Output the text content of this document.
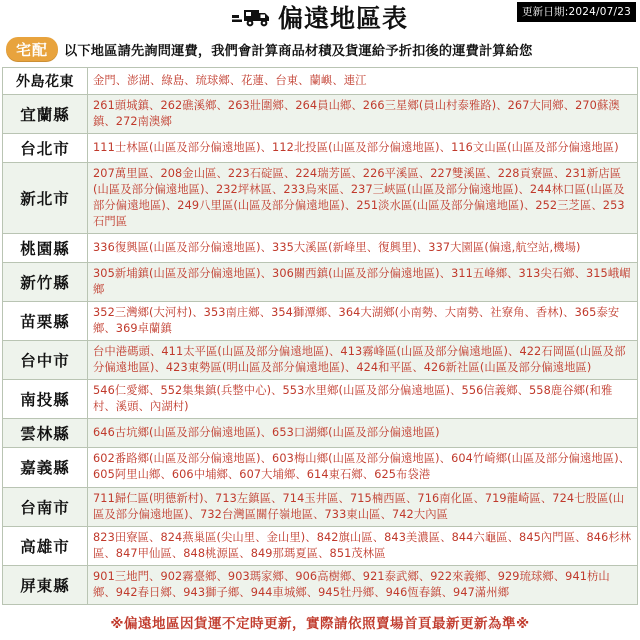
偏遠地區表	更新日期:2024/07/23
宅配	以下地區請先詢問運費，我們會計算商品材積及貨運給予折扣後的運費計算給您
外島花東	金門、澎湖、綠島、琉球鄉、花蓮、台東、蘭嶼、連江
宜蘭縣	261頭城鎮、262礁溪鄉、263壯圍鄉、264員山鄉、266三星鄉(員山村泰雅路)、267大同鄉、270蘇澳鎮、272南澳鄉
台北市	111士林區(山區及部分偏遠地區)、112北投區(山區及部分偏遠地區)、116文山區(山區及部分偏遠地區)
新北市	207萬里區、208金山區、223石碇區、224瑞芳區、226平溪區、227雙溪區、228貢寮區、231新店區(山區及部分偏遠地區)、232坪林區、233烏來區、237三峽區(山區及部分偏遠地區)、244林口區(山區及部分偏遠地區)、249八里區(山區及部分偏遠地區)、251淡水區(山區及部分偏遠地區)、252三芝區、253石門區
桃園縣	336復興區(山區及部分偏遠地區)、335大溪區(新峰里、復興里)、337大園區(偏遠,航空站,機場)
新竹縣	305新埔鎮(山區及部分偏遠地區)、306關西鎮(山區及部分偏遠地區)、311五峰鄉、313尖石鄉、315峨嵋鄉
苗栗縣	352三灣鄉(大河村)、353南庄鄉、354獅潭鄉、364大湖鄉(小南勢、大南勢、社寮角、香林)、365泰安鄉、369卓蘭鎮
台中市	台中港碼頭、411太平區(山區及部分偏遠地區)、413霧峰區(山區及部分偏遠地區)、422石岡區(山區及部分偏遠地區)、423東勢區(明山區及部分偏遠地區)、424和平區、426新社區(山區及部分偏遠地區)
南投縣	546仁愛鄉、552集集鎮(兵整中心)、553水里鄉(山區及部分偏遠地區)、556信義鄉、558鹿谷鄉(和雅村、溪頭、內湖村)
雲林縣	646古坑鄉(山區及部分偏遠地區)、653口湖鄉(山區及部分偏遠地區)
嘉義縣	602番路鄉(山區及部分偏遠地區)、603梅山鄉(山區及部分偏遠地區)、604竹崎鄉(山區及部分偏遠地區)、605阿里山鄉、606中埔鄉、607大埔鄉、614東石鄉、625布袋港
台南市	711歸仁區(明德新村)、713左鎮區、714玉井區、715楠西區、716南化區、719龍崎區、724七股區(山區及部分偏遠地區)、732台灣區關仔嶺地區、733東山區、742大內區
高雄市	823田寮區、824燕巢區(尖山里、金山里)、842旗山區、843美濃區、844六龜區、845內門區、846杉林區、847甲仙區、848桃源區、849那瑪夏區、851茂林區
屏東縣	901三地門、902霧臺鄉、903瑪家鄉、906高樹鄉、921泰武鄉、922來義鄉、929琉球鄉、941枋山鄉、942春日鄉、943獅子鄉、944車城鄉、945牡丹鄉、946恆春鎮、947滿州鄉
※偏遠地區因貨運不定時更新，實際請依照賣場首頁最新更新為準※
